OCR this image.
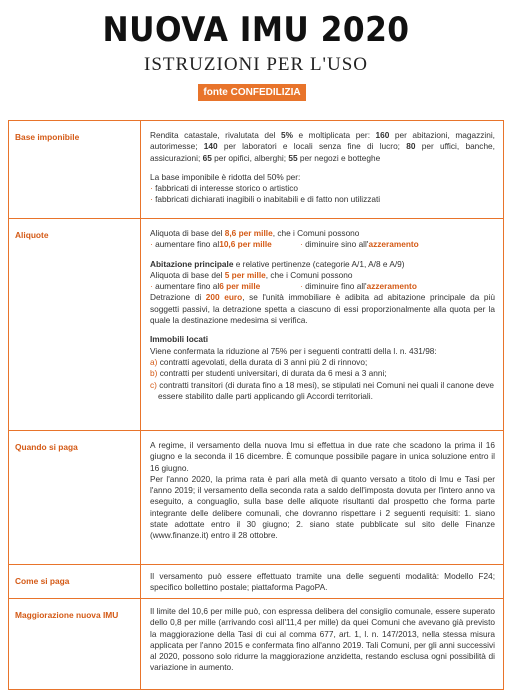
NUOVA IMU 2020
ISTRUZIONI PER L'USO
fonte CONFEDILIZIA
Base imponibile	Rendita catastale, rivalutata del 5% e moltiplicata per: 160 per abitazioni, magazzini, autorimesse; 140 per laboratori e locali senza fine di lucro; 80 per uffici, banche, assicurazioni; 65 per opifici, alberghi; 55 per negozi e botteghe

La base imponibile è ridotta del 50% per:

· fabbricati di interesse storico o artistico

· fabbricati dichiarati inagibili o inabitabili e di fatto non utilizzati

Aliquote	Aliquota di base del 8,6 per mille, che i Comuni possono

· aumentare fino al10,6 per mille	· diminuire sino all'azzeramento

Abitazione principale e relative pertinenze (categorie A/1, A/8 e A/9)

Aliquota di base del 5 per mille, che i Comuni possono

· aumentare fino al6 per mille	· diminuire fino all'azzeramento

Detrazione di 200 euro, se l'unità immobiliare è adibita ad abitazione principale da più soggetti passivi, la detrazione spetta a ciascuno di essi proporzionalmente alla quota per la quale la destinazione medesima si verifica.

Immobili locati

Viene confermata la riduzione al 75% per i seguenti contratti della l. n. 431/98:

a) contratti agevolati, della durata di 3 anni più 2 di rinnovo;

b) contratti per studenti universitari, di durata da 6 mesi a 3 anni;

c) contratti transitori (di durata fino a 18 mesi), se stipulati nei Comuni nei quali il canone deve essere stabilito dalle parti applicando gli Accordi territoriali.

Quando si paga	A regime, il versamento della nuova Imu si effettua in due rate che scadono la prima il 16 giugno e la seconda il 16 dicembre. È comunque possibile pagare in unica soluzione entro il 16 giugno.

Per l'anno 2020, la prima rata è pari alla metà di quanto versato a titolo di Imu e Tasi per l'anno 2019; il versamento della seconda rata a saldo dell'imposta dovuta per l'intero anno va eseguito, a conguaglio, sulla base delle aliquote risultanti dal prospetto che forma parte integrante delle delibere comunali, che dovranno rispettare i 2 seguenti requisiti: 1. siano state adottate entro il 30 giugno; 2. siano state pubblicate sul sito delle Finanze (www.finanze.it) entro il 28 ottobre.

Come si paga	Il versamento può essere effettuato tramite una delle seguenti modalità: Modello F24; specifico bollettino postale; piattaforma PagoPA.

Maggiorazione nuova IMU	Il limite del 10,6 per mille può, con espressa delibera del consiglio comunale, essere superato dello 0,8 per mille (arrivando così all'11,4 per mille) da quei Comuni che avevano già previsto la maggiorazione della Tasi di cui al comma 677, art. 1, l. n. 147/2013, nella stessa misura applicata per l'anno 2015 e confermata fino all'anno 2019. Tali Comuni, per gli anni successivi al 2020, possono solo ridurre la maggiorazione anzidetta, restando esclusa ogni possibilità di variazione in aumento.
